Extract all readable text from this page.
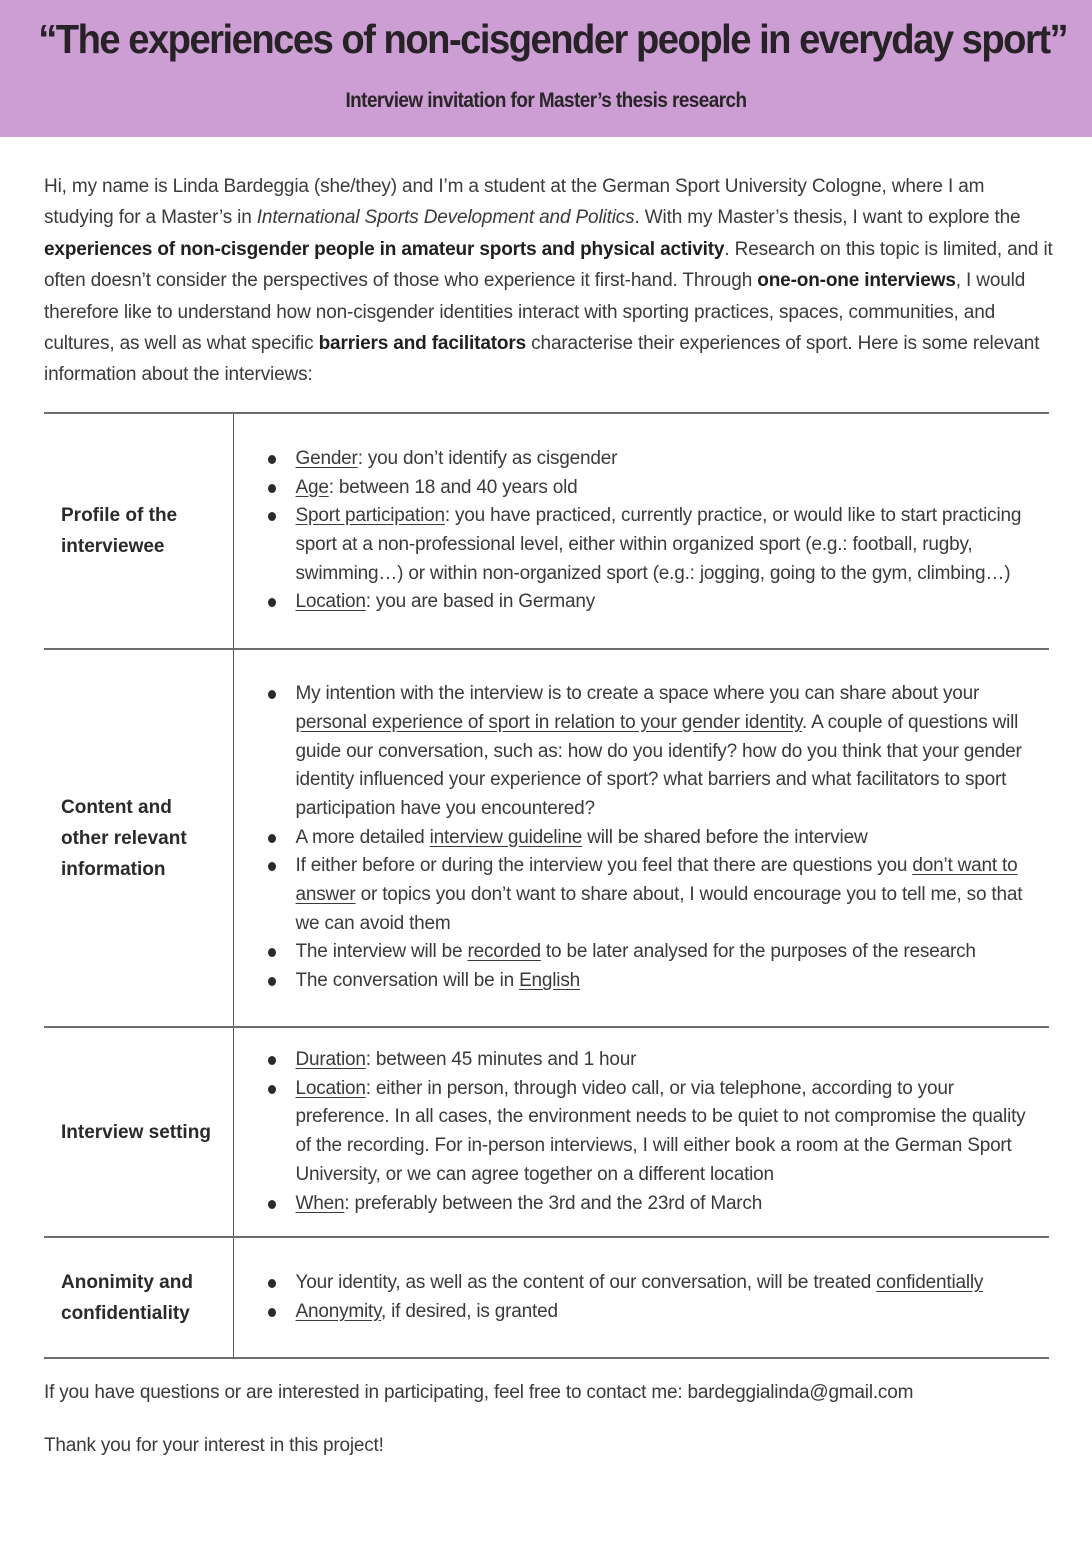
“The experiences of non-cisgender people in everyday sport”
Interview invitation for Master’s thesis research

Hi, my name is Linda Bardeggia (she/they) and I’m a student at the German Sport University Cologne, where I am studying for a Master’s in International Sports Development and Politics. With my Master’s thesis, I want to explore the experiences of non-cisgender people in amateur sports and physical activity. Research on this topic is limited, and it often doesn’t consider the perspectives of those who experience it first-hand. Through one-on-one interviews, I would therefore like to understand how non-cisgender identities interact with sporting practices, spaces, communities, and cultures, as well as what specific barriers and facilitators characterise their experiences of sport. Here is some relevant information about the interviews:

Profile of the interviewee	
Gender: you don’t identify as cisgender
Age: between 18 and 40 years old
Sport participation: you have practiced, currently practice, or would like to start practicing sport at a non-professional level, either within organized sport (e.g.: football, rugby, swimming…) or within non-organized sport (e.g.: jogging, going to the gym, climbing…)
Location: you are based in Germany

Content and other relevant information	
My intention with the interview is to create a space where you can share about your personal experience of sport in relation to your gender identity. A couple of questions will guide our conversation, such as: how do you identify? how do you think that your gender identity influenced your experience of sport? what barriers and what facilitators to sport participation have you encountered?
A more detailed interview guideline will be shared before the interview
If either before or during the interview you feel that there are questions you don’t want to answer or topics you don’t want to share about, I would encourage you to tell me, so that we can avoid them
The interview will be recorded to be later analysed for the purposes of the research
The conversation will be in English

Interview setting	
Duration: between 45 minutes and 1 hour
Location: either in person, through video call, or via telephone, according to your preference. In all cases, the environment needs to be quiet to not compromise the quality of the recording. For in-person interviews, I will either book a room at the German Sport University, or we can agree together on a different location
When: preferably between the 3rd and the 23rd of March

Anonimity and confidentiality	
Your identity, as well as the content of our conversation, will be treated confidentially
Anonymity, if desired, is granted

If you have questions or are interested in participating, feel free to contact me: bardeggialinda@gmail.com

Thank you for your interest in this project!
